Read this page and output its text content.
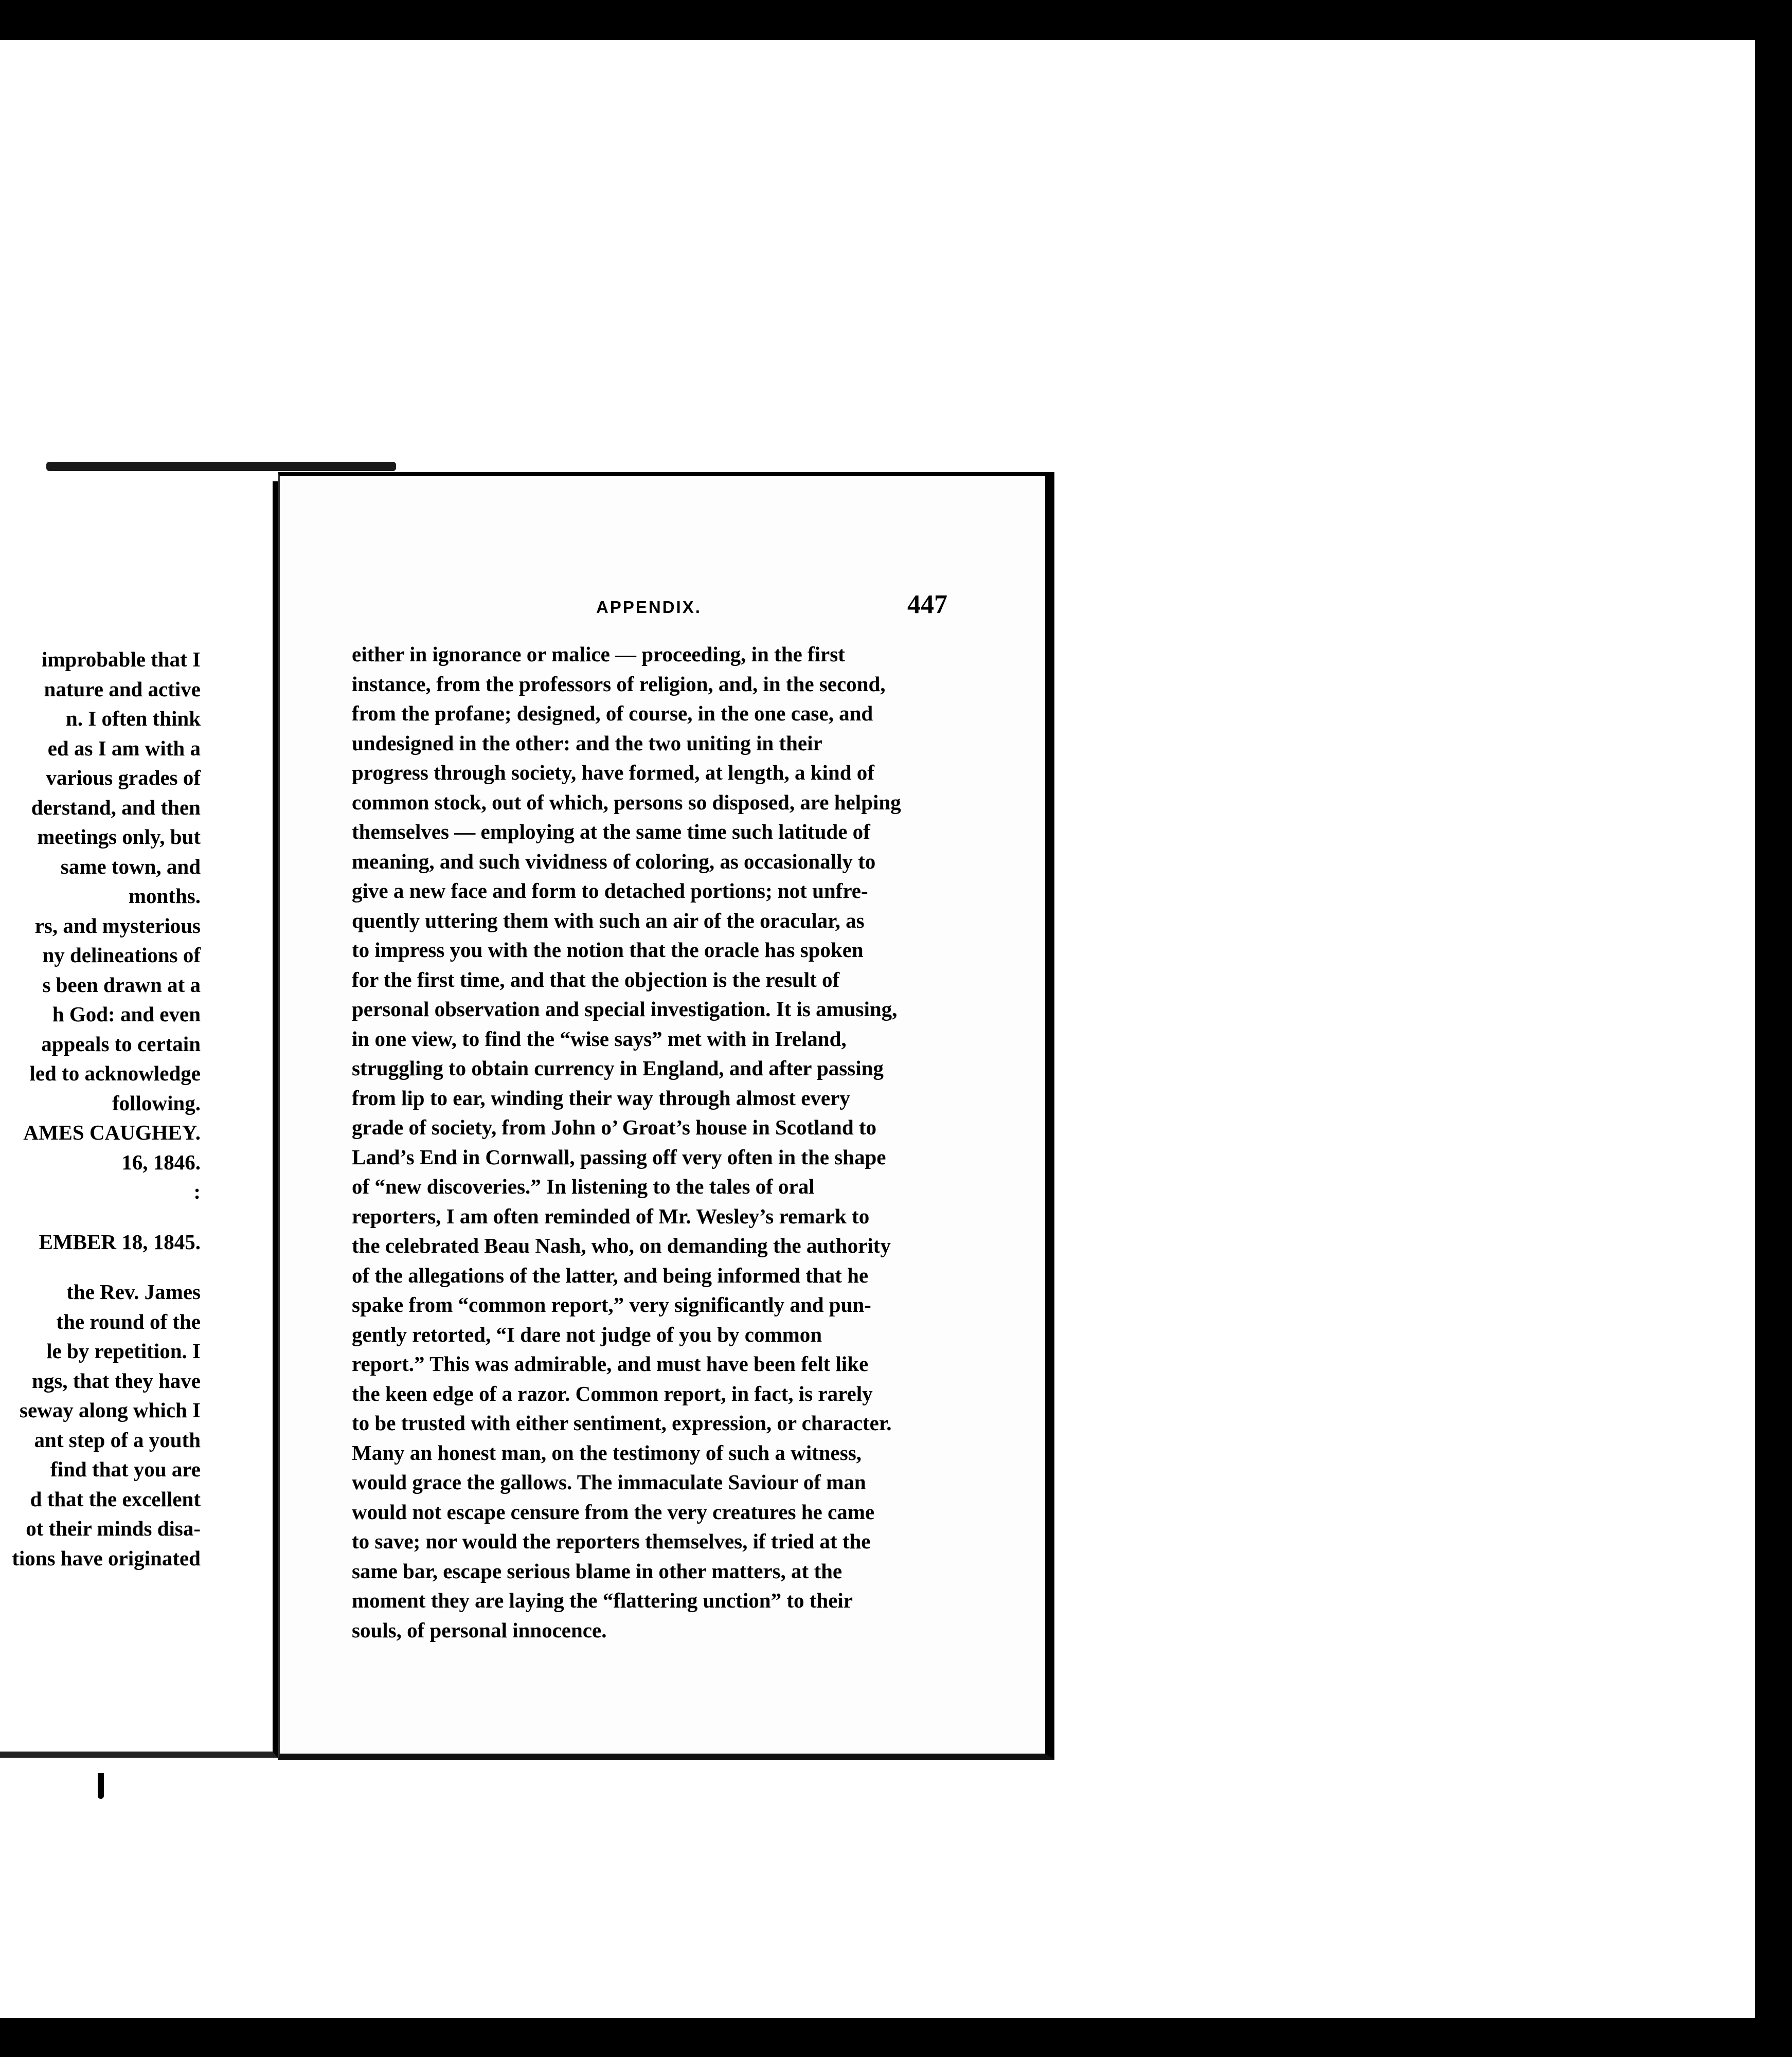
improbable that I
nature and active
n. I often think
ed as I am with a
various grades of
derstand, and then
meetings only, but
same town, and
months.
rs, and mysterious
ny delineations of
s been drawn at a
h God: and even
appeals to certain
led to acknowledge
following.
AMES CAUGHEY.
16, 1846.
:
EMBER 18, 1845.
the Rev. James
the round of the
le by repetition. I
ngs, that they have
seway along which I
ant step of a youth
find that you are
d that the excellent
ot their minds disa-
tions have originated
APPENDIX.	447
either in ignorance or malice — proceeding, in the first
instance, from the professors of religion, and, in the second,
from the profane; designed, of course, in the one case, and
undesigned in the other: and the two uniting in their
progress through society, have formed, at length, a kind of
common stock, out of which, persons so disposed, are helping
themselves — employing at the same time such latitude of
meaning, and such vividness of coloring, as occasionally to
give a new face and form to detached portions; not unfre-
quently uttering them with such an air of the oracular, as
to impress you with the notion that the oracle has spoken
for the first time, and that the objection is the result of
personal observation and special investigation. It is amusing,
in one view, to find the “wise says” met with in Ireland,
struggling to obtain currency in England, and after passing
from lip to ear, winding their way through almost every
grade of society, from John o’ Groat’s house in Scotland to
Land’s End in Cornwall, passing off very often in the shape
of “new discoveries.” In listening to the tales of oral
reporters, I am often reminded of Mr. Wesley’s remark to
the celebrated Beau Nash, who, on demanding the authority
of the allegations of the latter, and being informed that he
spake from “common report,” very significantly and pun-
gently retorted, “I dare not judge of you by common
report.” This was admirable, and must have been felt like
the keen edge of a razor. Common report, in fact, is rarely
to be trusted with either sentiment, expression, or character.
Many an honest man, on the testimony of such a witness,
would grace the gallows. The immaculate Saviour of man
would not escape censure from the very creatures he came
to save; nor would the reporters themselves, if tried at the
same bar, escape serious blame in other matters, at the
moment they are laying the “flattering unction” to their
souls, of personal innocence.
